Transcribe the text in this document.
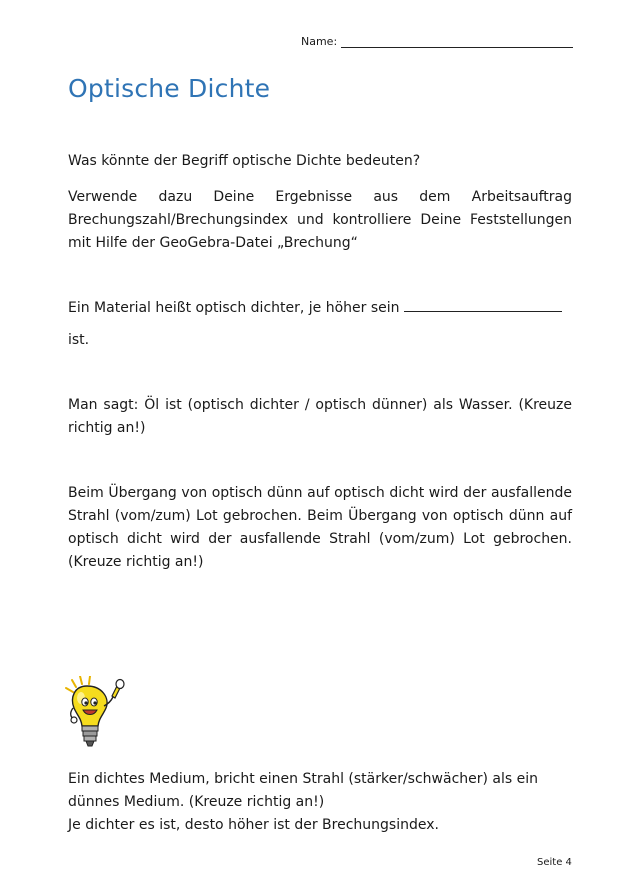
Name:
Optische Dichte
Was könnte der Begriff optische Dichte bedeuten?
Verwende dazu Deine Ergebnisse aus dem Arbeitsauftrag Brechungszahl/Brechungsindex und kontrolliere Deine Feststellungen mit Hilfe der GeoGebra-Datei „Brechung“
Ein Material heißt optisch dichter, je höher sein
ist.
Man sagt: Öl ist (optisch dichter / optisch dünner) als Wasser. (Kreuze richtig an!)
Beim Übergang von optisch dünn auf optisch dicht wird der ausfallende Strahl (vom/zum) Lot gebrochen. Beim Übergang von optisch dünn auf optisch dicht wird der ausfallende Strahl (vom/zum) Lot gebrochen. (Kreuze richtig an!)
Ein dichtes Medium, bricht einen Strahl (stärker/schwächer) als ein dünnes Medium. (Kreuze richtig an!)
Je dichter es ist, desto höher ist der Brechungsindex.
Seite 4
